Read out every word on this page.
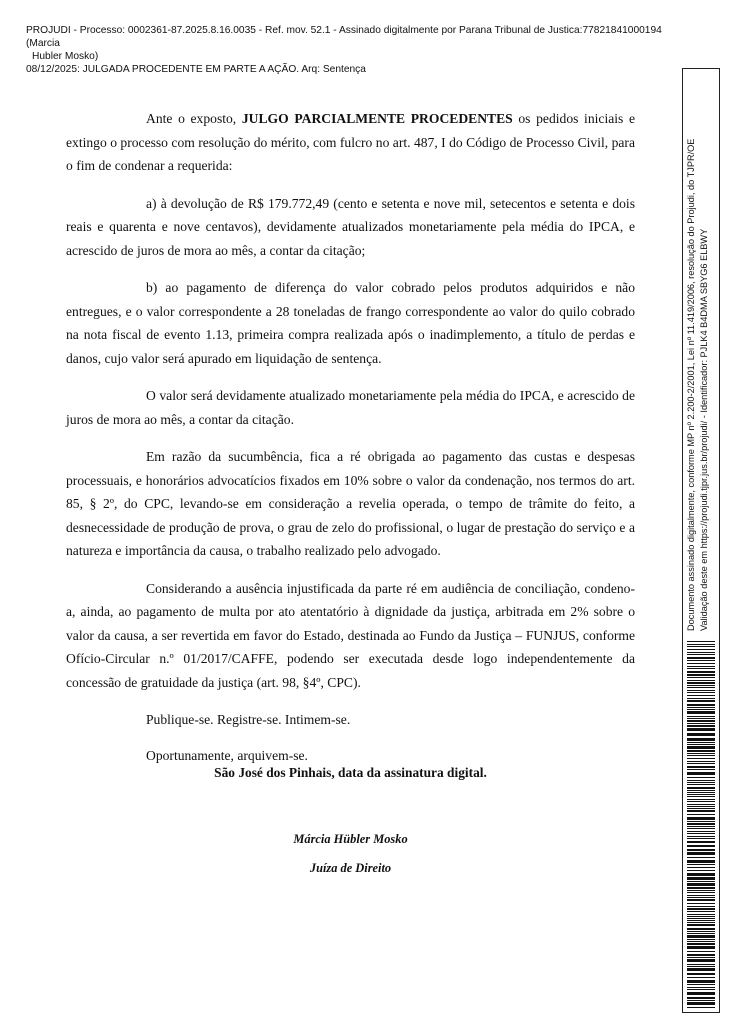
PROJUDI - Processo: 0002361-87.2025.8.16.0035 - Ref. mov. 52.1 - Assinado digitalmente por Parana Tribunal de Justica:77821841000194 (Marcia

Hubler Mosko)

08/12/2025: JULGADA PROCEDENTE EM PARTE A AÇÃO. Arq: Sentença

Ante o exposto, JULGO PARCIALMENTE PROCEDENTES os pedidos iniciais e extingo o processo com resolução do mérito, com fulcro no art. 487, I do Código de Processo Civil, para o fim de condenar a requerida:

a) à devolução de R$ 179.772,49 (cento e setenta e nove mil, setecentos e setenta e dois reais e quarenta e nove centavos), devidamente atualizados monetariamente pela média do IPCA, e acrescido de juros de mora ao mês, a contar da citação;

b) ao pagamento de diferença do valor cobrado pelos produtos adquiridos e não entregues, e o valor correspondente a 28 toneladas de frango correspondente ao valor do quilo cobrado na nota fiscal de evento 1.13, primeira compra realizada após o inadimplemento, a título de perdas e danos, cujo valor será apurado em liquidação de sentença.

O valor será devidamente atualizado monetariamente pela média do IPCA, e acrescido de juros de mora ao mês, a contar da citação.

Em razão da sucumbência, fica a ré obrigada ao pagamento das custas e despesas processuais, e honorários advocatícios fixados em 10% sobre o valor da condenação, nos termos do art. 85, § 2º, do CPC, levando-se em consideração a revelia operada, o tempo de trâmite do feito, a desnecessidade de produção de prova, o grau de zelo do profissional, o lugar de prestação do serviço e a natureza e importância da causa, o trabalho realizado pelo advogado.

Considerando a ausência injustificada da parte ré em audiência de conciliação, condeno-a, ainda, ao pagamento de multa por ato atentatório à dignidade da justiça, arbitrada em 2% sobre o valor da causa, a ser revertida em favor do Estado, destinada ao Fundo da Justiça – FUNJUS, conforme Ofício-Circular n.º 01/2017/CAFFE, podendo ser executada desde logo independentemente da concessão de gratuidade da justiça (art. 98, §4º, CPC).

Publique-se. Registre-se. Intimem-se.

Oportunamente, arquivem-se.

São José dos Pinhais, data da assinatura digital.
Márcia Hübler Mosko
Juíza de Direito

Documento assinado digitalmente, conforme MP nº 2.200-2/2001, Lei nº 11.419/2006, resolução do Projudi, do TJPR/OE Validação deste em https://projudi.tjpr.jus.br/projudi/ - Identificador: PJLK4 B4DMA SBYG6 ELBWY
